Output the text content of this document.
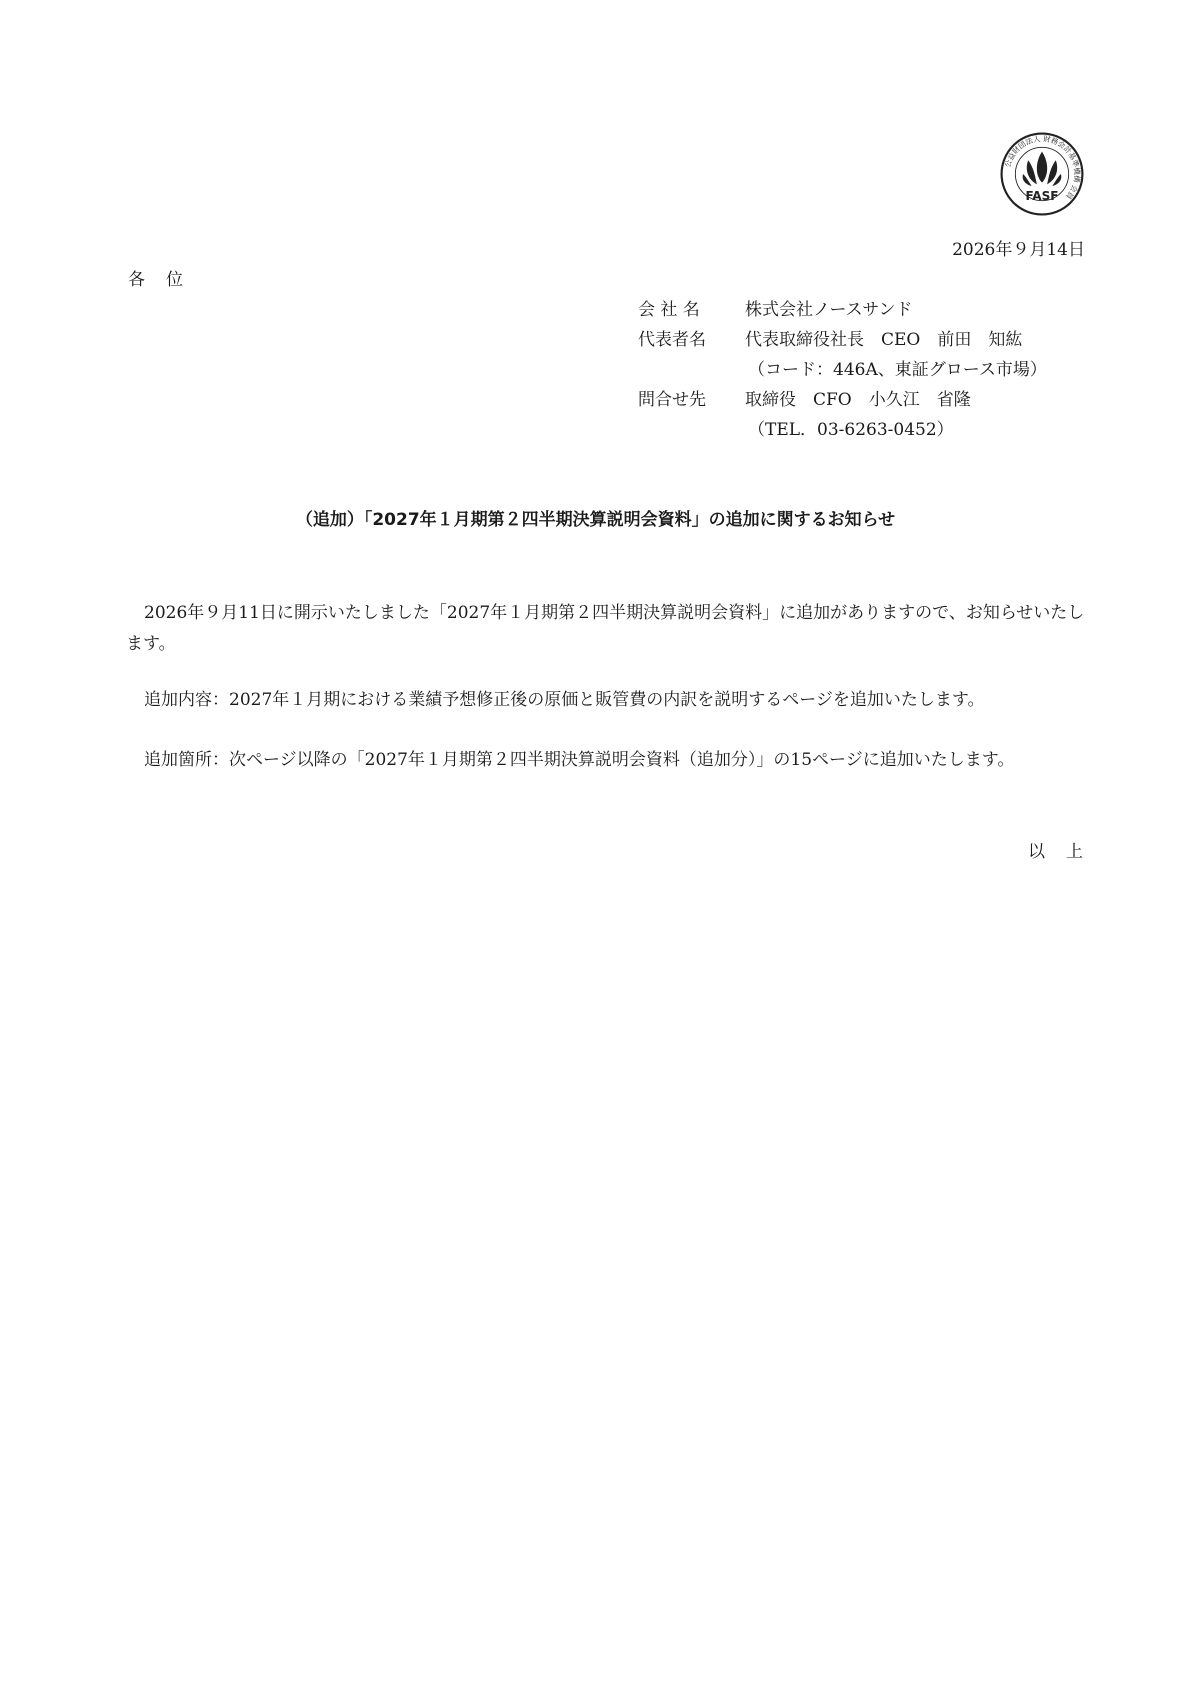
公益財団法人 財務会計基準機構 会員
FASF
2026年９月14日
各　位
会 社 名	株式会社ノースサンド
代表者名 代表取締役社長　CEO　前田　知紘
（コード：446A、東証グロース市場）
問合せ先 取締役　CFO　小久江　省隆
（TEL．03-6263-0452）
（追加）「2027年１月期第２四半期決算説明会資料」の追加に関するお知らせ
2026年９月11日に開示いたしました「2027年１月期第２四半期決算説明会資料」に追加がありますので、お知らせいたします。
追加内容：2027年１月期における業績予想修正後の原価と販管費の内訳を説明するページを追加いたします。
追加箇所：次ページ以降の「2027年１月期第２四半期決算説明会資料（追加分）」の15ページに追加いたします。
以　上
